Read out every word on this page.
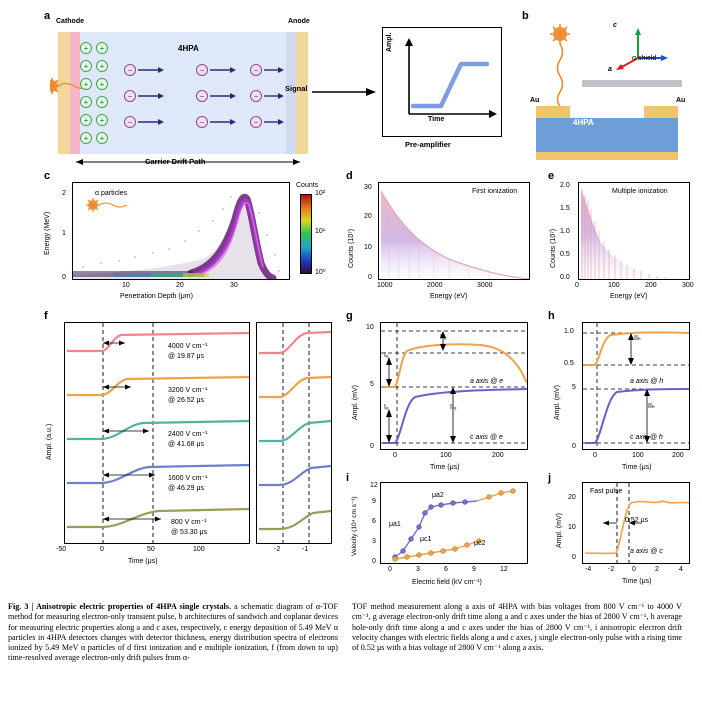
a
+ +
+ +
+ +
+ +
+ +
+ +
−
−
−
−
−
−
−
−
−
Cathode	Anode
4HPA
Carrier Drift Path
Signal
Ampl.
Time
Pre-amplifier
b
c
a
α shield
Au	Au
4HPA
c
α particles
Energy (MeV)
Penetration Depth (μm)
0
1
2
10	20	30
Counts
10⁰
10¹
10²
d
First ionization
Counts (10⁷)
Energy (eV)
0
10
20
30
1000	2000	3000
e
Multiple ionization
Counts (10⁷)
Energy (eV)
0.0
0.5
1.0
1.5
2.0
0	100	200	300
f
Ampl. (a.u.)
Time (μs)
-50	0	50	100
4000 V cm⁻¹
@ 19.87 μs
3200 V cm⁻¹
@ 26.52 μs
2400 V cm⁻¹
@ 41.68 μs
1600 V cm⁻¹
@ 46.29 μs
800 V cm⁻¹
@ 53.30 μs
-2	-1
g
Ampl. (mV)
Time (μs)
0
5
10
0	100	200
a axis @ e
c axis @ e
Iₑ
IIₑ
Iₑ	IIₑ
h
Ampl. (mV)
Time (μs)
0.5
1.0
0
5
0	100	200
a axis @ h
c axis @ h
IIₕ
IIₕ
i
Velocity (10⁴ cm s⁻¹)
Electric field (kV cm⁻¹)
0
3
6
9
12
0	3	6	9	12
μa1
μa2
μc1
μc2
j
Fast pulse
Ampl. (mV)
Time (μs)
0
10
20
-4 -2	0	2	4
0.52 μs
a axis @ c
Fig. 3 | Anisotropic electric properties of 4HPA single crystals. a schematic diagram of α-TOF method for measuring electron-only transient pulse, b architectures of sandwich and coplanar devices for measuring electric properties along a and c axes, respectively, c energy deposition of 5.49 MeV α particles in 4HPA detectors changes with detector thickness, energy distribution spectra of electrons ionized by 5.49 MeV α particles of d first ionization and e multiple ionization, f (from down to up) time-resolved average electron-only drift pulses from α-TOF method measurement along a axis of 4HPA with bias voltages from 800 V cm⁻¹ to 4000 V cm⁻¹, g average electron-only drift time along a and c axes under the bias of 2800 V cm⁻¹, h average hole-only drift time along a and c axes under the bias of 2800 V cm⁻¹, i anisotropic electron drift velocity changes with electric fields along a and c axes, j single electron-only pulse with a rising time of 0.52 μs with a bias voltage of 2800 V cm⁻¹ along a axis.
